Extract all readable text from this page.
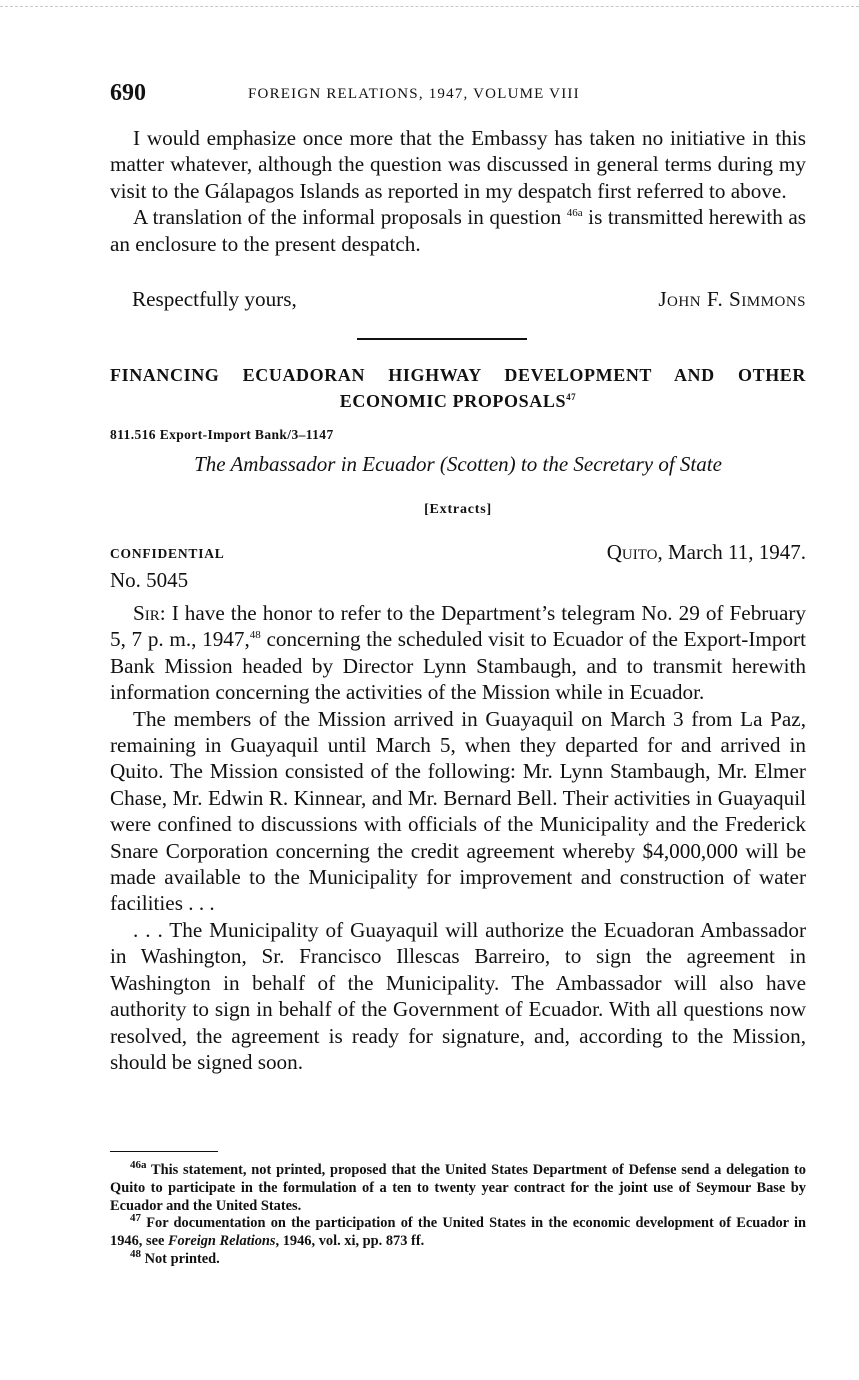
690	FOREIGN RELATIONS, 1947, VOLUME VIII

I would emphasize once more that the Embassy has taken no initiative in this matter whatever, although the question was discussed in general terms during my visit to the Gálapagos Islands as reported in my despatch first referred to above.

A translation of the informal proposals in question $^{46a}$ is transmitted herewith as an enclosure to the present despatch.

Respectfully yours,	John F. Simmons
FINANCING ECUADORAN HIGHWAY DEVELOPMENT AND OTHER
ECONOMIC PROPOSALS$^{47}$
811.516 Export-Import Bank/3–1147
The Ambassador in Ecuador (Scotten) to the Secretary of State
[Extracts]
CONFIDENTIAL	Quito, March 11, 1947.
No. 5045

Sir: I have the honor to refer to the Department’s telegram No. 29 of February 5, 7 p. m., 1947,48 concerning the scheduled visit to Ecuador of the Export-Import Bank Mission headed by Director Lynn Stambaugh, and to transmit herewith information concerning the activities of the Mission while in Ecuador.

The members of the Mission arrived in Guayaquil on March 3 from La Paz, remaining in Guayaquil until March 5, when they departed for and arrived in Quito. The Mission consisted of the following: Mr. Lynn Stambaugh, Mr. Elmer Chase, Mr. Edwin R. Kinnear, and Mr. Bernard Bell. Their activities in Guayaquil were confined to discussions with officials of the Municipality and the Frederick Snare Corporation concerning the credit agreement whereby $4,000,000 will be made available to the Municipality for improvement and construction of water facilities . . .

. . . The Municipality of Guayaquil will authorize the Ecuadoran Ambassador in Washington, Sr. Francisco Illescas Barreiro, to sign the agreement in Washington in behalf of the Municipality. The Ambassador will also have authority to sign in behalf of the Government of Ecuador. With all questions now resolved, the agreement is ready for signature, and, according to the Mission, should be signed soon.

$^{46a}$ This statement, not printed, proposed that the United States Department of Defense send a delegation to Quito to participate in the formulation of a ten to twenty year contract for the joint use of Seymour Base by Ecuador and the United States.

$^{47}$ For documentation on the participation of the United States in the economic development of Ecuador in 1946, see Foreign Relations, 1946, vol. xi, pp. 873 ff.

$^{48}$ Not printed.
